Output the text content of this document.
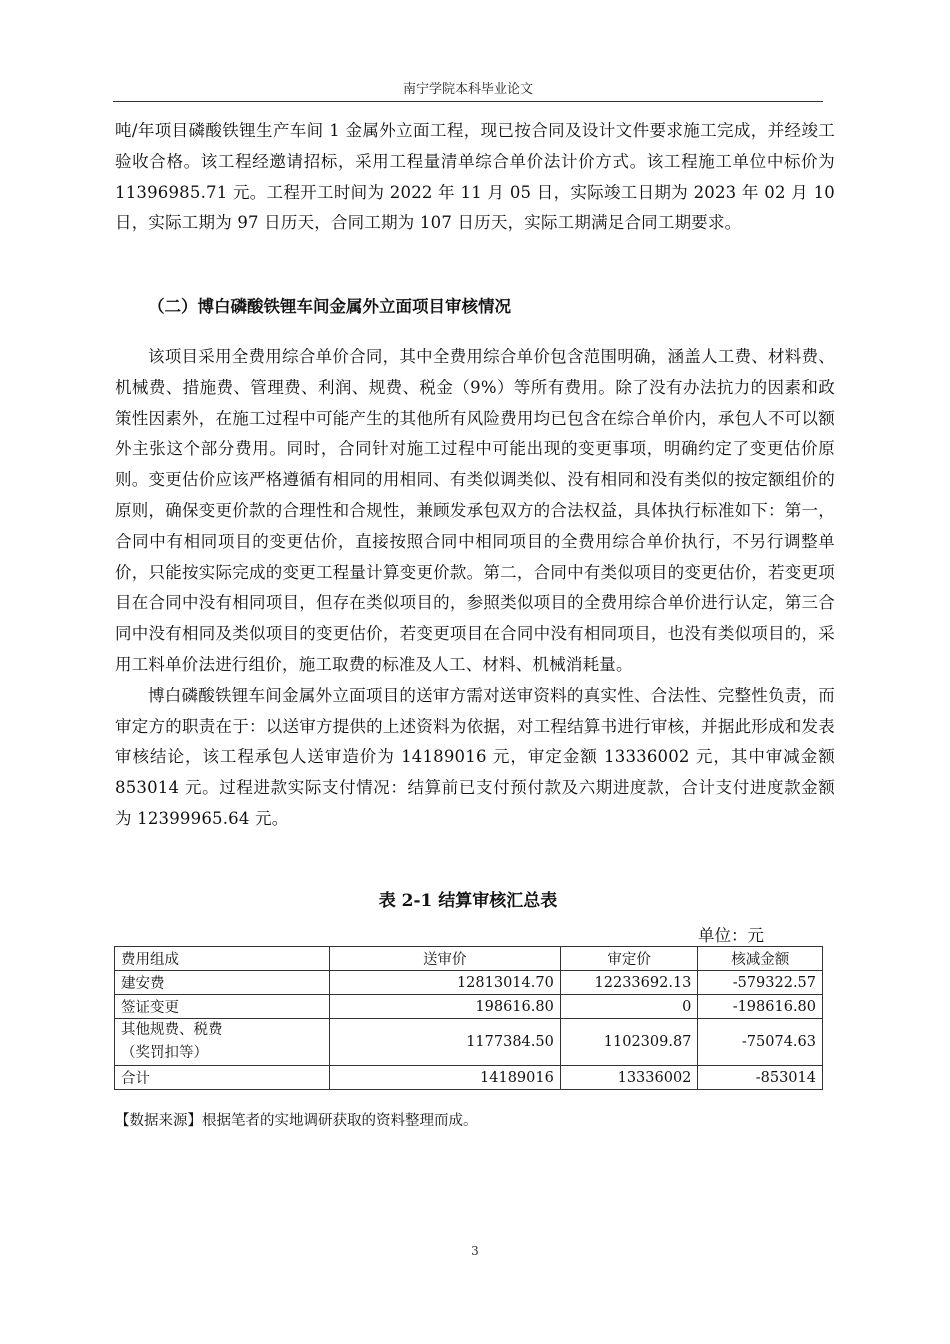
南宁学院本科毕业论文

吨/年项目磷酸铁锂生产车间 1 金属外立面工程，现已按合同及设计文件要求施工完成，并经竣工验收合格。该工程经邀请招标，采用工程量清单综合单价法计价方式。该工程施工单位中标价为 11396985.71 元。工程开工时间为 2022 年 11 月 05 日，实际竣工日期为 2023 年 02 月 10 日，实际工期为 97 日历天，合同工期为 107 日历天，实际工期满足合同工期要求。

（二）博白磷酸铁锂车间金属外立面项目审核情况

该项目采用全费用综合单价合同，其中全费用综合单价包含范围明确，涵盖人工费、材料费、机械费、措施费、管理费、利润、规费、税金（9%）等所有费用。除了没有办法抗力的因素和政策性因素外，在施工过程中可能产生的其他所有风险费用均已包含在综合单价内，承包人不可以额外主张这个部分费用。同时，合同针对施工过程中可能出现的变更事项，明确约定了变更估价原则。变更估价应该严格遵循有相同的用相同、有类似调类似、没有相同和没有类似的按定额组价的原则，确保变更价款的合理性和合规性，兼顾发承包双方的合法权益，具体执行标准如下：第一，合同中有相同项目的变更估价，直接按照合同中相同项目的全费用综合单价执行，不另行调整单价，只能按实际完成的变更工程量计算变更价款。第二，合同中有类似项目的变更估价，若变更项目在合同中没有相同项目，但存在类似项目的，参照类似项目的全费用综合单价进行认定，第三合同中没有相同及类似项目的变更估价，若变更项目在合同中没有相同项目，也没有类似项目的，采用工料单价法进行组价，施工取费的标准及人工、材料、机械消耗量。

博白磷酸铁锂车间金属外立面项目的送审方需对送审资料的真实性、合法性、完整性负责，而审定方的职责在于：以送审方提供的上述资料为依据，对工程结算书进行审核，并据此形成和发表审核结论，该工程承包人送审造价为 14189016 元，审定金额 13336002 元，其中审减金额 853014 元。过程进款实际支付情况：结算前已支付预付款及六期进度款，合计支付进度款金额为 12399965.64 元。

表 2-1 结算审核汇总表
单位：元
费用组成	送审价	审定价	核减金额
建安费	12813014.70	12233692.13	-579322.57
签证变更	198616.80	0	-198616.80

其他规费、税费
（奖罚扣等）	1177384.50	1102309.87	-75074.63
合计	14189016	13336002	-853014
【数据来源】根据笔者的实地调研获取的资料整理而成。
3
